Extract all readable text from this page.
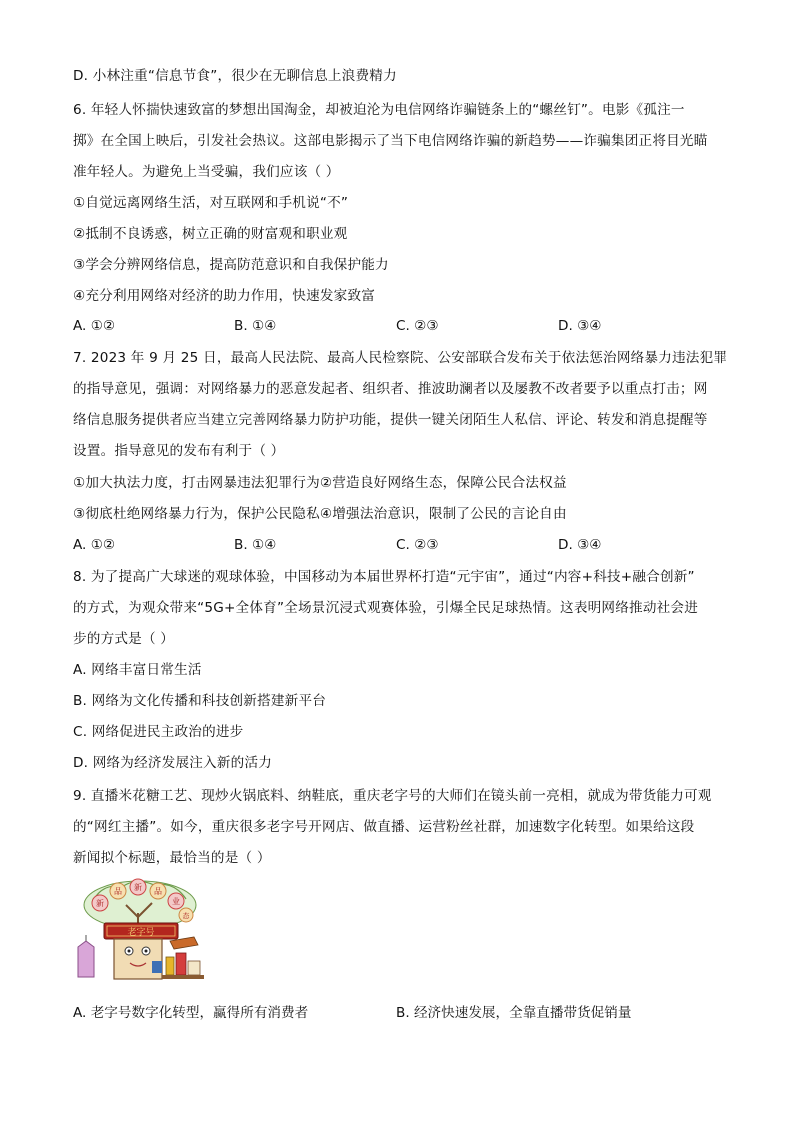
D. 小林注重“信息节食”，很少在无聊信息上浪费精力
6. 年轻人怀揣快速致富的梦想出国淘金，却被迫沦为电信网络诈骗链条上的“螺丝钉”。电影《孤注一
掷》在全国上映后，引发社会热议。这部电影揭示了当下电信网络诈骗的新趋势——诈骗集团正将目光瞄
准年轻人。为避免上当受骗，我们应该（ ）
①自觉远离网络生活，对互联网和手机说“不”
②抵制不良诱惑，树立正确的财富观和职业观
③学会分辨网络信息，提高防范意识和自我保护能力
④充分利用网络对经济的助力作用，快速发家致富
A. ①②	B. ①④	C. ②③	D. ③④
7. 2023 年 9 月 25 日，最高人民法院、最高人民检察院、公安部联合发布关于依法惩治网络暴力违法犯罪
的指导意见，强调：对网络暴力的恶意发起者、组织者、推波助澜者以及屡教不改者要予以重点打击；网
络信息服务提供者应当建立完善网络暴力防护功能，提供一键关闭陌生人私信、评论、转发和消息提醒等
设置。指导意见的发布有利于（ ）
①加大执法力度，打击网暴违法犯罪行为②营造良好网络生态，保障公民合法权益
③彻底杜绝网络暴力行为，保护公民隐私④增强法治意识，限制了公民的言论自由
A. ①②	B. ①④	C. ②③	D. ③④
8. 为了提高广大球迷的观球体验，中国移动为本届世界杯打造“元宇宙”，通过“内容+科技+融合创新”
的方式，为观众带来“5G+全体育”全场景沉浸式观赛体验，引爆全民足球热情。这表明网络推动社会进
步的方式是（ ）
A. 网络丰富日常生活
B. 网络为文化传播和科技创新搭建新平台
C. 网络促进民主政治的进步
D. 网络为经济发展注入新的活力
9. 直播米花糖工艺、现炒火锅底料、纳鞋底，重庆老字号的大师们在镜头前一亮相，就成为带货能力可观
的“网红主播”。如今，重庆很多老字号开网店、做直播、运营粉丝社群，加速数字化转型。如果给这段
新闻拟个标题，最恰当的是（ ）
新
品 新 品
业
态
老字号
A. 老字号数字化转型，赢得所有消费者	B. 经济快速发展，全靠直播带货促销量
